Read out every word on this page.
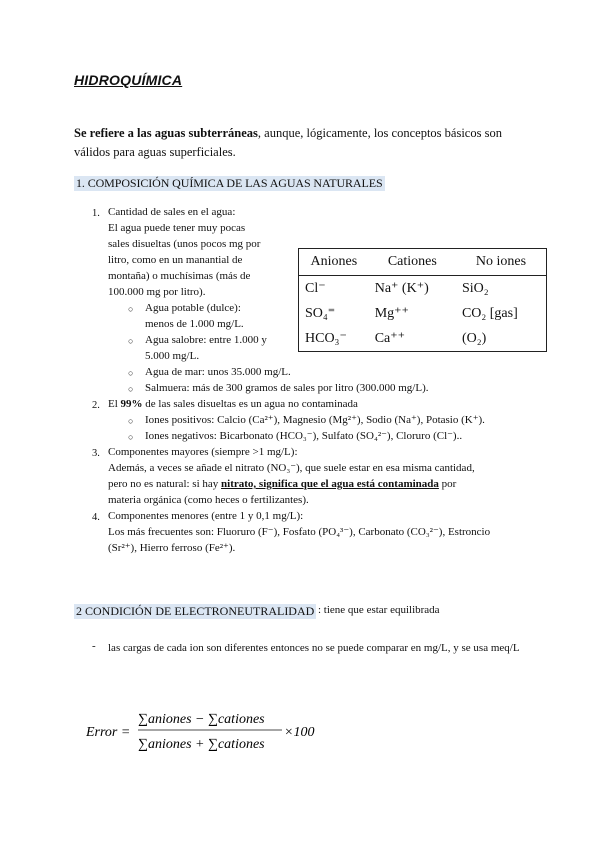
HIDROQUÍMICA
Se refiere a las aguas subterráneas, aunque, lógicamente, los conceptos básicos son válidos para aguas superficiales.
1. COMPOSICIÓN QUÍMICA DE LAS AGUAS NATURALES
1. Cantidad de sales en el agua:
El agua puede tener muy pocas
sales disueltas (unos pocos mg por
litro, como en un manantial de
montaña) o muchísimas (más de
100.000 mg por litro).
○ Agua potable (dulce):
menos de 1.000 mg/L.
○ Agua salobre: entre 1.000 y
5.000 mg/L.
○ Agua de mar: unos 35.000 mg/L.
○ Salmuera: más de 300 gramos de sales por litro (300.000 mg/L).
2. El 99% de las sales disueltas es un agua no contaminada
○ Iones positivos: Calcio (Ca²⁺), Magnesio (Mg²⁺), Sodio (Na⁺), Potasio (K⁺).
○ Iones negativos: Bicarbonato (HCO₃⁻), Sulfato (SO₄²⁻), Cloruro (Cl⁻)..
3. Componentes mayores (siempre >1 mg/L):
Además, a veces se añade el nitrato (NO₃⁻), que suele estar en esa misma cantidad,
pero no es natural: si hay nitrato, significa que el agua está contaminada por
materia orgánica (como heces o fertilizantes).
4. Componentes menores (entre 1 y 0,1 mg/L):
Los más frecuentes son: Fluoruro (F⁻), Fosfato (PO₄³⁻), Carbonato (CO₃²⁻), Estroncio
(Sr²⁺), Hierro ferroso (Fe²⁺).
Aniones	Cationes	No iones
Cl⁻	Na⁺ (K⁺)	SiO₂
SO₄⁼	Mg⁺⁺	CO₂ [gas]
HCO₃⁻	Ca⁺⁺	(O₂)
2 CONDICIÓN DE ELECTRONEUTRALIDAD : tiene que estar equilibrada
- las cargas de cada ion son diferentes entonces no se puede comparar en mg/L, y se usa meq/L
Error =
∑aniones − ∑cationes
∑aniones + ∑cationes
×100
